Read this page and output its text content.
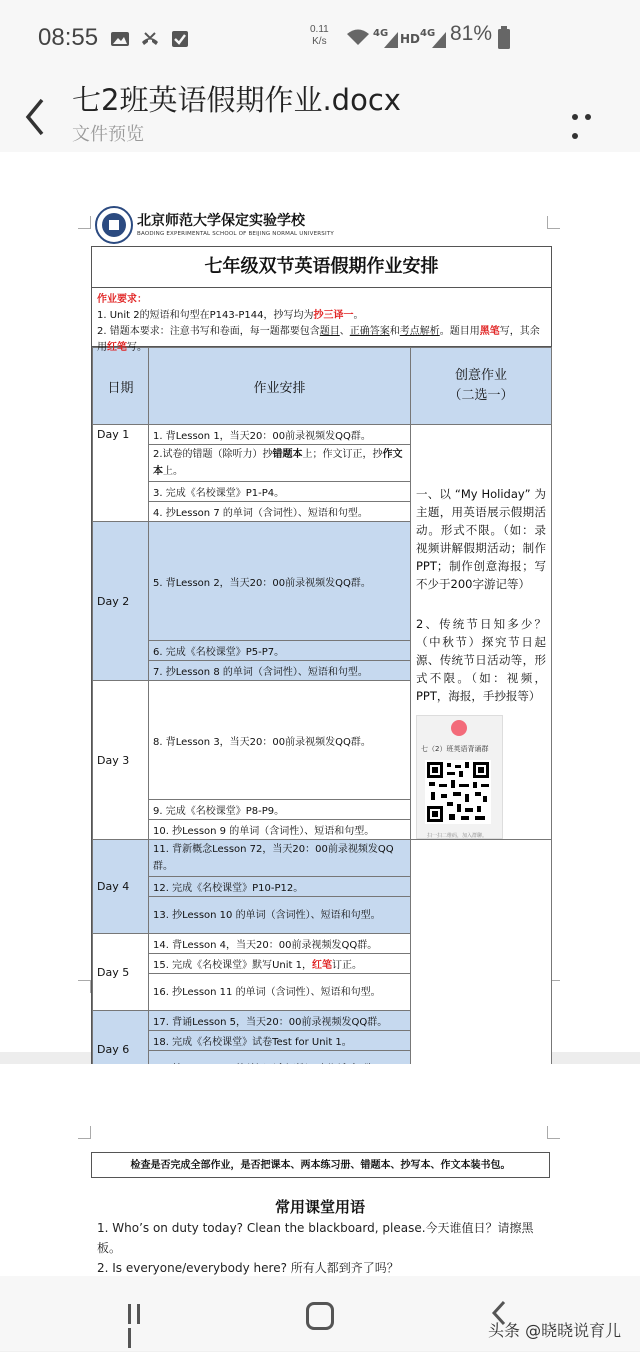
08:55	0.11
K/s
4G HD 4G 81%
七2班英语假期作业.docx
文件预览
北京师范大学保定实验学校
BAODING EXPERIMENTAL SCHOOL OF BEIJING NORMAL UNIVERSITY
七年级双节英语假期作业安排
作业要求：
1. Unit 2的短语和句型在P143-P144，抄写均为抄三译一。
2. 错题本要求：注意书写和卷面，每一题都要包含题目、正确答案和考点解析。题目用黑笔写，其余用红笔写。
日期	作业安排	创意作业
（二选一）
Day 1	1. 背Lesson 1，当天20：00前录视频发QQ群。	一、以 “My Holiday” 为主题，用英语展示假期活动。形式不限。（如：录视频讲解假期活动；制作PPT；制作创意海报；写不少于200字游记等）
2、传统节日知多少？（中秋节）探究节日起源、传统节日活动等，形式不限。（如：视频， PPT，海报，手抄报等）
七（2）班英语背诵群
扫一扫二维码，加入群聊。

	2.试卷的错题（除听力）抄错题本上；作文订正，抄作文本上。	
	3. 完成《名校课堂》P1-P4。	
	4. 抄Lesson 7 的单词（含词性）、短语和句型。	
Day 2	5. 背Lesson 2，当天20：00前录视频发QQ群。	
	6. 完成《名校课堂》P5-P7。	
	7. 抄Lesson 8 的单词（含词性）、短语和句型。	
Day 3	8. 背Lesson 3，当天20：00前录视频发QQ群。	
	9. 完成《名校课堂》P8-P9。	
	10. 抄Lesson 9 的单词（含词性）、短语和句型。	
Day 4	11. 背新概念Lesson 72，当天20：00前录视频发QQ群。	
	12. 完成《名校课堂》P10-P12。	
	13. 抄Lesson 10 的单词（含词性）、短语和句型。	
Day 5	14. 背Lesson 4，当天20：00前录视频发QQ群。	
	15. 完成《名校课堂》默写Unit 1，红笔订正。	
	16. 抄Lesson 11 的单词（含词性）、短语和句型。	
Day 6	17. 背诵Lesson 5，当天20：00前录视频发QQ群。	
	18. 完成《名校课堂》试卷Test for Unit 1。	

检查是否完成全部作业，是否把课本、两本练习册、错题本、抄写本、作文本装书包。
常用课堂用语
1. Who’s on duty today? Clean the blackboard, please.今天谁值日？请擦黑板。
2. Is everyone/everybody here? 所有人都到齐了吗？
头条 @晓晓说育儿
